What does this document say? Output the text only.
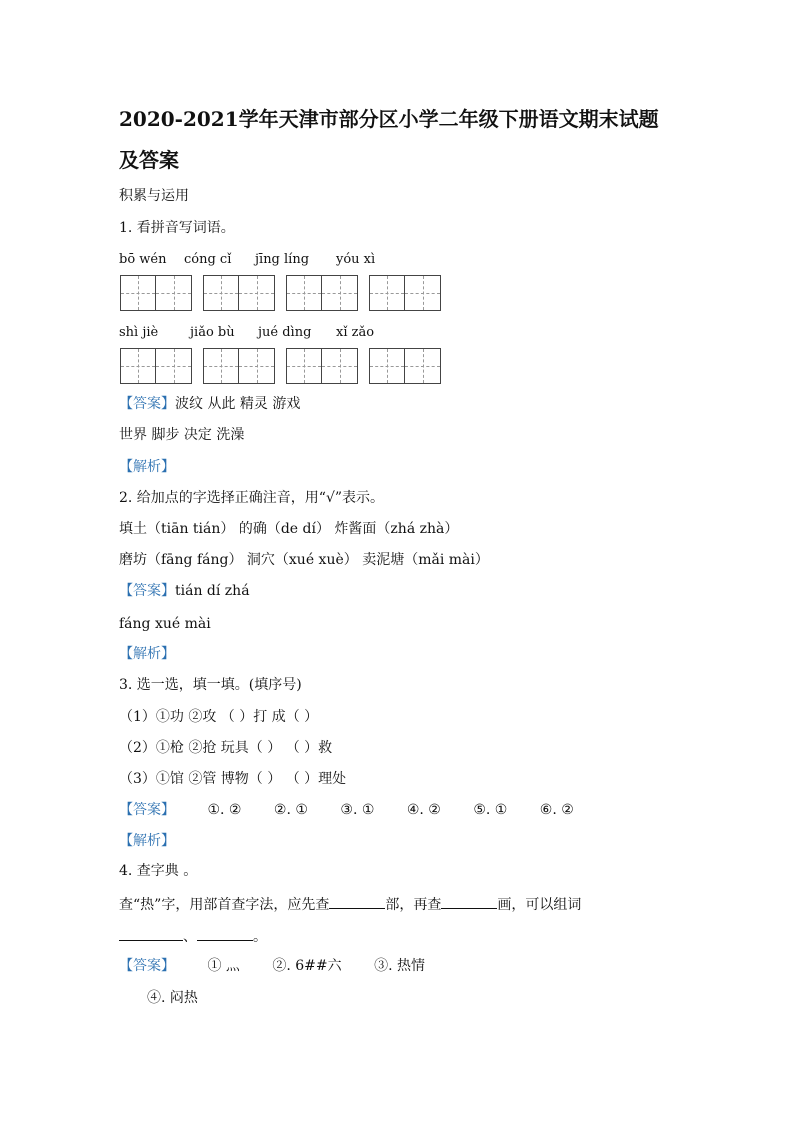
2020-2021学年天津市部分区小学二年级下册语文期末试题
及答案
积累与运用
1. 看拼音写词语。
bō wén cóng cǐ jīng líng yóu xì
shì jiè jiǎo bù jué dìng xǐ zǎo
【答案】波纹 从此 精灵 游戏
世界 脚步 决定 洗澡
【解析】
2. 给加点的字选择正确注音，用“√”表示。
填土（tiān tián） 的确（de dí） 炸酱面（zhá zhà）
磨坊（fāng fáng） 洞穴（xué xuè） 卖泥塘（mǎi mài）
【答案】tián dí zhá
fáng xué mài
【解析】
3. 选一选，填一填。(填序号)
（1）①功 ②攻 （ ）打 成（ ）
（2）①枪 ②抢 玩具（ ） （ ）救
（3）①馆 ②管 博物（ ） （ ）理处
【答案】 ①. ② ②. ① ③. ① ④. ② ⑤. ① ⑥. ②
【解析】
4. 查字典 。
查“热”字，用部首查字法，应先查	部，再查	画，可以组词
、	。
【答案】 ① 灬 ②. 6##六 ③. 热情
④. 闷热
